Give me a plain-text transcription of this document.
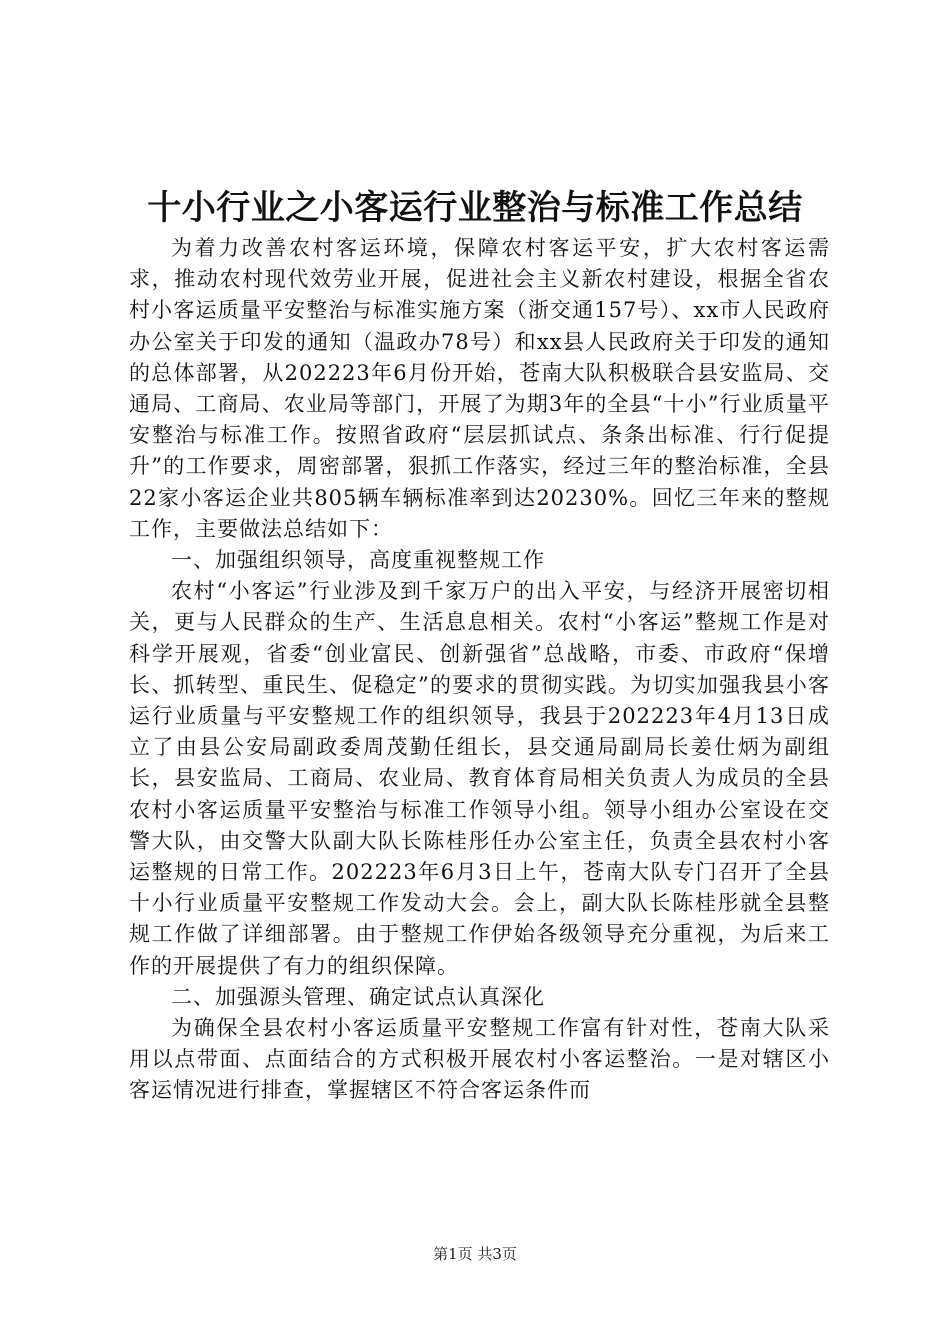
十小行业之小客运行业整治与标准工作总结

为着力改善农村客运环境，保障农村客运平安，扩大农村客运需求，推动农村现代效劳业开展，促进社会主义新农村建设，根据全省农村小客运质量平安整治与标准实施方案（浙交通157号）、xx市人民政府办公室关于印发的通知（温政办78号）和xx县人民政府关于印发的通知的总体部署，从202223年6月份开始，苍南大队积极联合县安监局、交通局、工商局、农业局等部门，开展了为期3年的全县“十小”行业质量平安整治与标准工作。按照省政府“层层抓试点、条条出标准、行行促提升”的工作要求，周密部署，狠抓工作落实，经过三年的整治标准，全县22家小客运企业共805辆车辆标准率到达20230%。回忆三年来的整规工作，主要做法总结如下：

一、加强组织领导，高度重视整规工作

农村“小客运”行业涉及到千家万户的出入平安，与经济开展密切相关，更与人民群众的生产、生活息息相关。农村“小客运”整规工作是对科学开展观，省委“创业富民、创新强省”总战略，市委、市政府“保增长、抓转型、重民生、促稳定”的要求的贯彻实践。为切实加强我县小客运行业质量与平安整规工作的组织领导，我县于202223年4月13日成立了由县公安局副政委周茂勤任组长，县交通局副局长姜仕炳为副组长，县安监局、工商局、农业局、教育体育局相关负责人为成员的全县农村小客运质量平安整治与标准工作领导小组。领导小组办公室设在交警大队，由交警大队副大队长陈桂彤任办公室主任，负责全县农村小客运整规的日常工作。202223年6月3日上午，苍南大队专门召开了全县十小行业质量平安整规工作发动大会。会上，副大队长陈桂彤就全县整规工作做了详细部署。由于整规工作伊始各级领导充分重视，为后来工作的开展提供了有力的组织保障。

二、加强源头管理、确定试点认真深化

为确保全县农村小客运质量平安整规工作富有针对性，苍南大队采用以点带面、点面结合的方式积极开展农村小客运整治。一是对辖区小客运情况进行排查，掌握辖区不符合客运条件而

第1页 共3页
